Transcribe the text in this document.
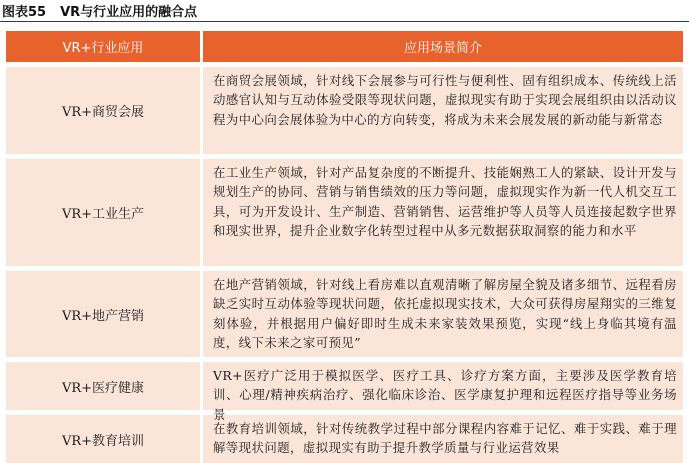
图表55 VR与行业应用的融合点
VR+行业应用	应用场景简介
VR+商贸会展
在商贸会展领域，针对线下会展参与可行性与便利性、固有组织成本、传统线上活动感官认知与互动体验受限等现状问题，虚拟现实有助于实现会展组织由以活动议程为中心向会展体验为中心的方向转变，将成为未来会展发展的新动能与新常态
VR+工业生产
在工业生产领域，针对产品复杂度的不断提升、技能娴熟工人的紧缺、设计开发与规划生产的协同、营销与销售绩效的压力等问题，虚拟现实作为新一代人机交互工具，可为开发设计、生产制造、营销销售、运营维护等人员等人员连接起数字世界和现实世界，提升企业数字化转型过程中从多元数据获取洞察的能力和水平
VR+地产营销
在地产营销领域，针对线上看房难以直观清晰了解房屋全貌及诸多细节、远程看房缺乏实时互动体验等现状问题，依托虚拟现实技术，大众可获得房屋翔实的三维复刻体验，并根据用户偏好即时生成未来家装效果预览，实现“线上身临其境有温度，线下未来之家可预见”
VR+医疗健康
VR+医疗广泛用于模拟医学、医疗工具、诊疗方案方面，主要涉及医学教育培训、心理/精神疾病治疗、强化临床诊治、医学康复护理和远程医疗指导等业务场景
VR+教育培训
在教育培训领域，针对传统教学过程中部分课程内容难于记忆、难于实践、难于理解等现状问题，虚拟现实有助于提升教学质量与行业运营效果
